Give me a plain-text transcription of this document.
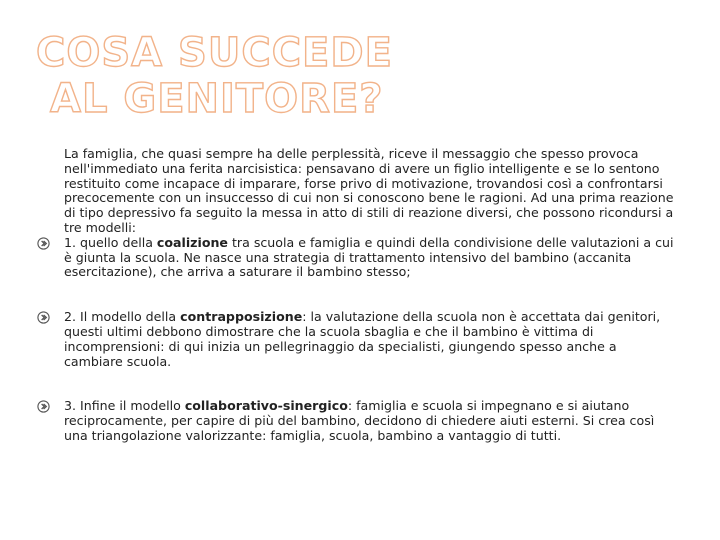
COSA SUCCEDE
AL GENITORE?

La famiglia, che quasi sempre ha delle perplessità, riceve il messaggio che spesso provoca nell'immediato una ferita narcisistica: pensavano di avere un figlio intelligente e se lo sentono restituito come incapace di imparare, forse privo di motivazione, trovandosi così a confrontarsi precocemente con un insuccesso di cui non si conoscono bene le ragioni. Ad una prima reazione di tipo depressivo fa seguito la messa in atto di stili di reazione diversi, che possono ricondursi a tre modelli:

1. quello della coalizione tra scuola e famiglia e quindi della condivisione delle valutazioni a cui è giunta la scuola. Ne nasce una strategia di trattamento intensivo del bambino (accanita esercitazione), che arriva a saturare il bambino stesso;

2. Il modello della contrapposizione: la valutazione della scuola non è accettata dai genitori, questi ultimi debbono dimostrare che la scuola sbaglia e che il bambino è vittima di incomprensioni: di qui inizia un pellegrinaggio da specialisti, giungendo spesso anche a cambiare scuola.

3. Infine il modello collaborativo-sinergico: famiglia e scuola si impegnano e si aiutano reciprocamente, per capire di più del bambino, decidono di chiedere aiuti esterni. Si crea così una triangolazione valorizzante: famiglia, scuola, bambino a vantaggio di tutti.
